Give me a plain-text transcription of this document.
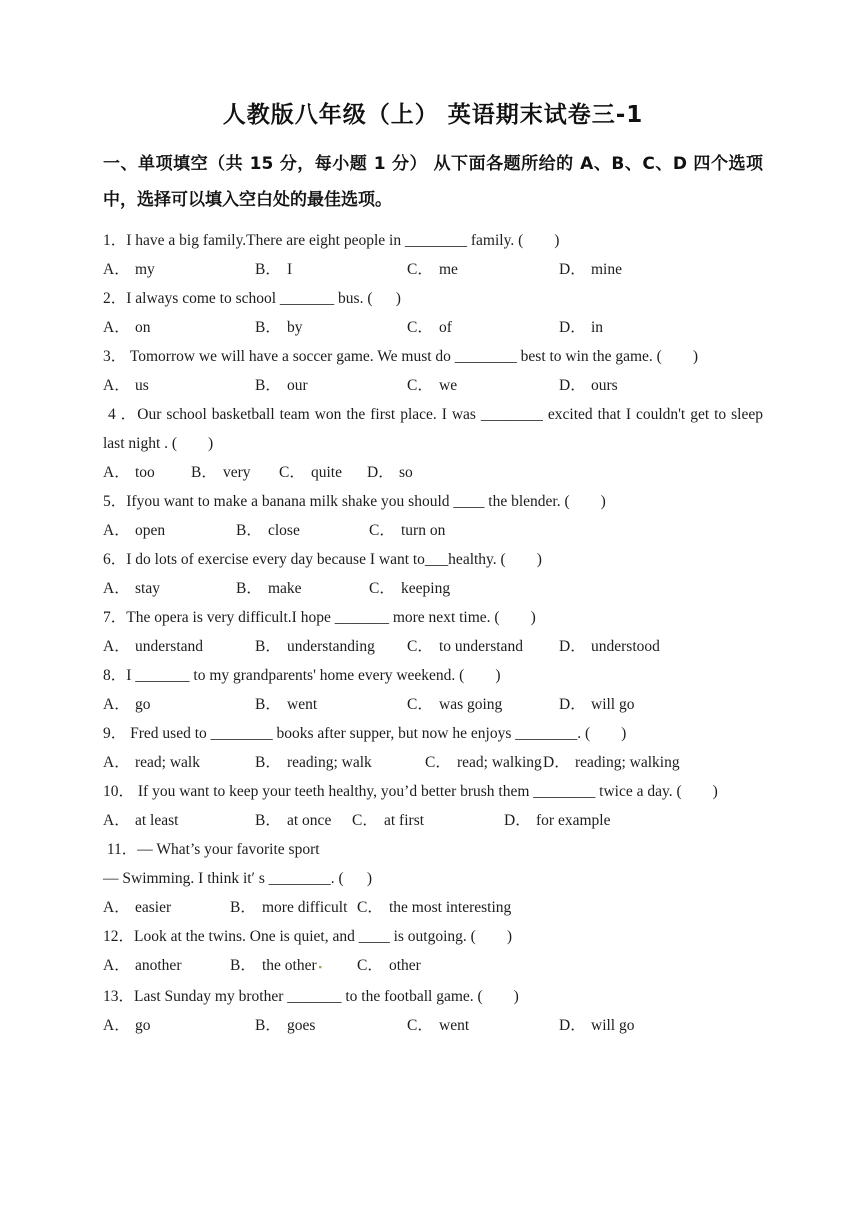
人教版八年级（上） 英语期末试卷三-1

一、单项填空（共 15 分，每小题 1 分） 从下面各题所给的 A、B、C、D 四个选项中，选择可以填入空白处的最佳选项。

1．I have a big family.There are eight people in ________ family. (        )

A． my	B． I	C． me	D． mine

2．I always come to school _______ bus. (      )

A． on	B． by	C． of	D． in

3． Tomorrow we will have a soccer game. We must do ________ best to win the game. (        )

A． us	B． our	C． we	D． ours

4 ．Our school basketball team won the first place. I was ________ excited that I couldn't get to sleep last night . (        )

A． too B． very C． quite D． so

5．Ifyou want to make a banana milk shake you should ____ the blender. (        )

A． open	B． close	C． turn on

6．I do lots of exercise every day because I want to___healthy. (        )

A． stay	B． make	C． keeping

7．The opera is very difficult.I hope _______ more next time. (        )

A． understand	B． understanding C． to understand D． understood

8．I _______ to my grandparents' home every weekend. (        )

A． go	B． went	C． was going	D． will go

9． Fred used to ________ books after supper, but now he enjoys ________. (        )

A． read; walk	B． reading; walk	C． read; walkingD． reading; walking

10． If you want to keep your teeth healthy, you’d better brush them ________ twice a day. (        )

A． at least	B． at once C． at first	D． for example

11．— What’s your favorite sport

— Swimming. I think it′ s ________. (      )

A． easier	B． more difficult C． the most interesting

12．Look at the twins. One is quiet, and ____ is outgoing. (        )

A． another	B． the other ▪ C． other

13．Last Sunday my brother _______ to the football game. (        )

A． go	B． goes	C． went	D． will go
